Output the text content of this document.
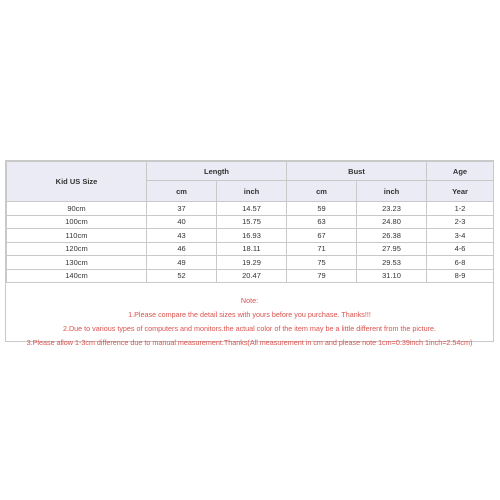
Kid US Size	Length		Bust		Age
	cm	inch	cm	inch	Year
90cm	37	14.57	59	23.23	1-2
100cm	40	15.75	63	24.80	2-3
110cm	43	16.93	67	26.38	3-4
120cm	46	18.11	71	27.95	4-6
130cm	49	19.29	75	29.53	6-8
140cm	52	20.47	79	31.10	8-9
Note:
1.Please compare the detail sizes with yours before you purchase. Thanks!!!
2.Due to various types of computers and monitors.the actual color of the item may be a little different from the picture.
3.Please allow 1-3cm difference due to manual measurement.Thanks(All measurement in cm and please note 1cm=0.39inch 1inch=2.54cm)
